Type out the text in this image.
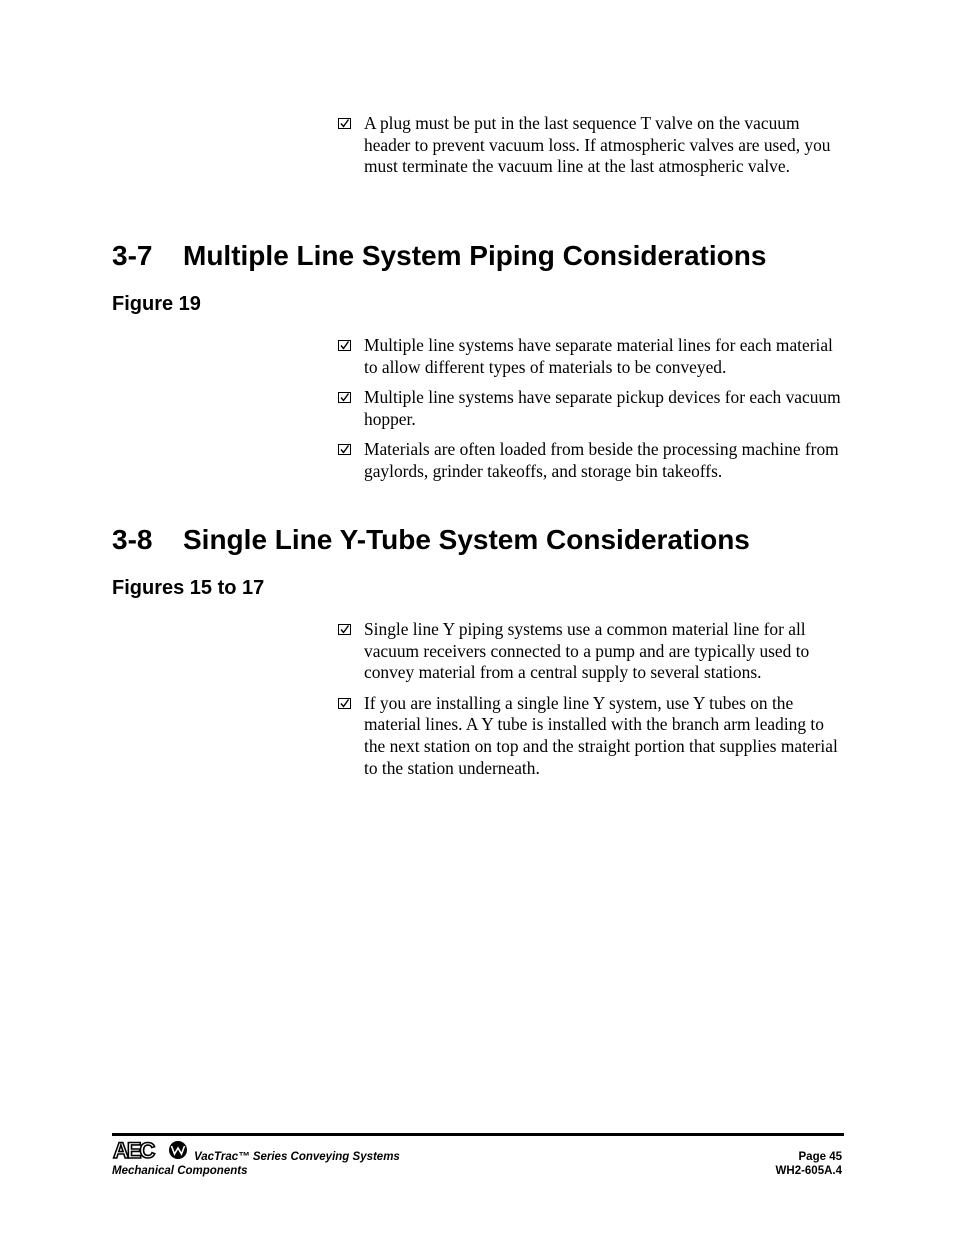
A plug must be put in the last sequence T valve on the vacuum header to prevent vacuum loss. If atmospheric valves are used, you must terminate the vacuum line at the last atmospheric valve.
3-7 Multiple Line System Piping Considerations
Figure 19
Multiple line systems have separate material lines for each material to allow different types of materials to be conveyed.
Multiple line systems have separate pickup devices for each vacuum hopper.
Materials are often loaded from beside the processing machine from gaylords, grinder takeoffs, and storage bin takeoffs.
3-8 Single Line Y-Tube System Considerations
Figures 15 to 17
Single line Y piping systems use a common material line for all vacuum receivers connected to a pump and are typically used to convey material from a central supply to several stations.
If you are installing a single line Y system, use Y tubes on the material lines. A Y tube is installed with the branch arm leading to the next station on top and the straight portion that supplies material to the station underneath.
AEC	VacTrac™ Series Conveying Systems
Mechanical Components
Page 45
WH2-605A.4
